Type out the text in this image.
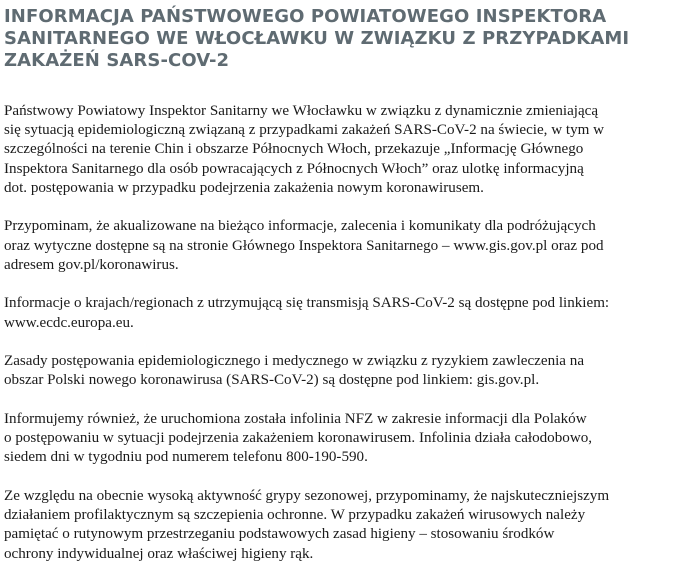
INFORMACJA PAŃSTWOWEGO POWIATOWEGO INSPEKTORA
SANITARNEGO WE WŁOCŁAWKU W ZWIĄZKU Z PRZYPADKAMI
ZAKAŻEŃ SARS-COV-2

Państwowy Powiatowy Inspektor Sanitarny we Włocławku w związku z dynamicznie zmieniającą
się sytuacją epidemiologiczną związaną z przypadkami zakażeń SARS-CoV-2 na świecie, w tym w
szczególności na terenie Chin i obszarze Północnych Włoch, przekazuje „Informację Głównego
Inspektora Sanitarnego dla osób powracających z Północnych Włoch” oraz ulotkę informacyjną
dot. postępowania w przypadku podejrzenia zakażenia nowym koronawirusem.

Przypominam, że akualizowane na bieżąco informacje, zalecenia i komunikaty dla podróżujących
oraz wytyczne dostępne są na stronie Głównego Inspektora Sanitarnego – www.gis.gov.pl oraz pod
adresem gov.pl/koronawirus.

Informacje o krajach/regionach z utrzymującą się transmisją SARS-CoV-2 są dostępne pod linkiem:
www.ecdc.europa.eu.

Zasady postępowania epidemiologicznego i medycznego w związku z ryzykiem zawleczenia na
obszar Polski nowego koronawirusa (SARS-CoV-2) są dostępne pod linkiem: gis.gov.pl.

Informujemy również, że uruchomiona została infolinia NFZ w zakresie informacji dla Polaków
o postępowaniu w sytuacji podejrzenia zakażeniem koronawirusem. Infolinia działa całodobowo,
siedem dni w tygodniu pod numerem telefonu 800-190-590.

Ze względu na obecnie wysoką aktywność grypy sezonowej, przypominamy, że najskuteczniejszym
działaniem profilaktycznym są szczepienia ochronne. W przypadku zakażeń wirusowych należy
pamiętać o rutynowym przestrzeganiu podstawowych zasad higieny – stosowaniu środków
ochrony indywidualnej oraz właściwej higieny rąk.
